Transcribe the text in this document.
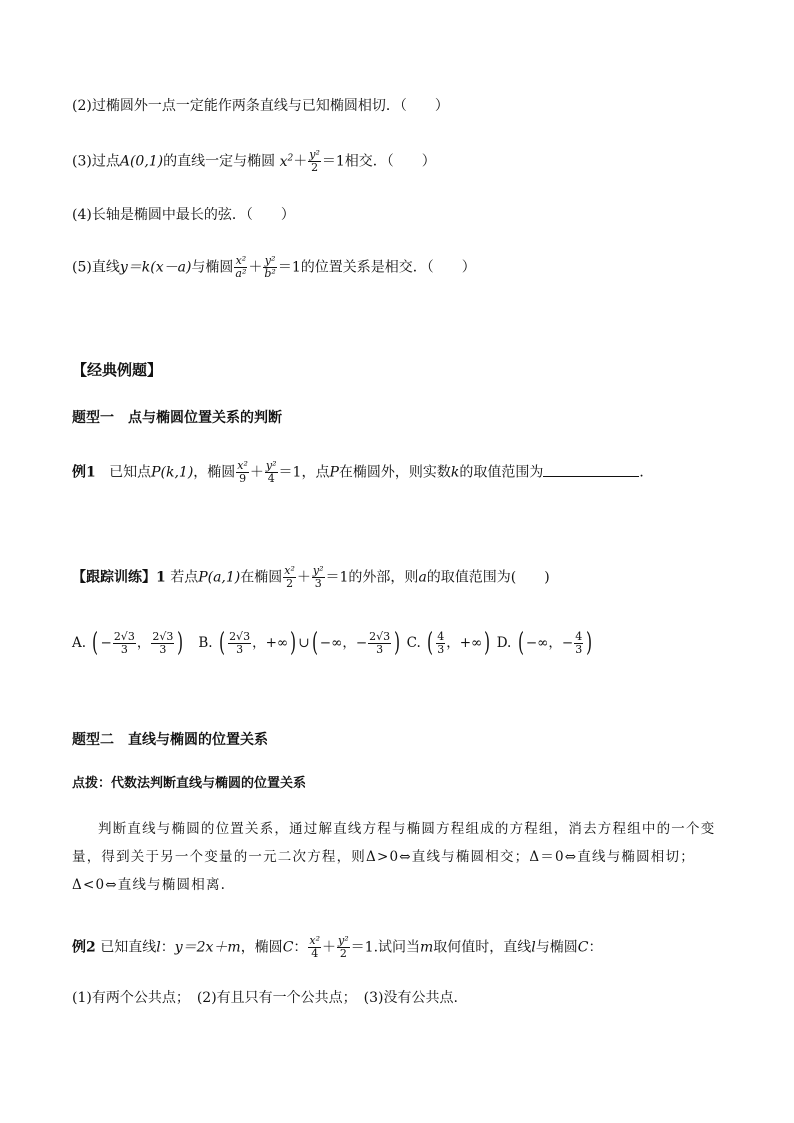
(2)过椭圆外一点一定能作两条直线与已知椭圆相切．（　　）
(3)过点A(0,1)的直线一定与椭圆 $x^2+ \frac{\text{y²}}{2} =1$相交．（　　）
(4)长轴是椭圆中最长的弦．（　　）
(5)直线y＝k(x－a)与椭圆 $\frac{\text{x²}}{\text{a²}} + \frac{\text{y²}}{\text{b²}} =1$的位置关系是相交．（　　）
【经典例题】
题型一　点与椭圆位置关系的判断
例1 已知点P(k,1)，椭圆 $\frac{\text{x²}}{9} + \frac{\text{y²}}{4} =1$，点P在椭圆外，则实数k的取值范围为	．
【跟踪训练】1 若点P(a,1)在椭圆 $\frac{\text{x²}}{2} + \frac{\text{y²}}{3} =1$的外部，则a的取值范围为(　　)
A. ( − $\frac{2√3}{3}$ ， $\frac{2√3}{3}$ ) B. ( $\frac{2√3}{3}$ ，+∞) ∪( −∞，− $\frac{2√3}{3}$ ) C. ( $\frac{4}{3}$ ，+∞) D. ( −∞，− $\frac{4}{3}$ )
题型二　直线与椭圆的位置关系
点拨：代数法判断直线与椭圆的位置关系
判断直线与椭圆的位置关系，通过解直线方程与椭圆方程组成的方程组，消去方程组中的一个变量，得到关于另一个变量的一元二次方程，则Δ>0⇔直线与椭圆相交；Δ＝0⇔直线与椭圆相切；Δ<0⇔直线与椭圆相离.
例2 已知直线l：y＝2x＋m，椭圆C： $\frac{\text{x²}}{4} + \frac{\text{y²}}{2} =1$.试问当m取何值时，直线l与椭圆C：
(1)有两个公共点；　(2)有且只有一个公共点；　(3)没有公共点.
